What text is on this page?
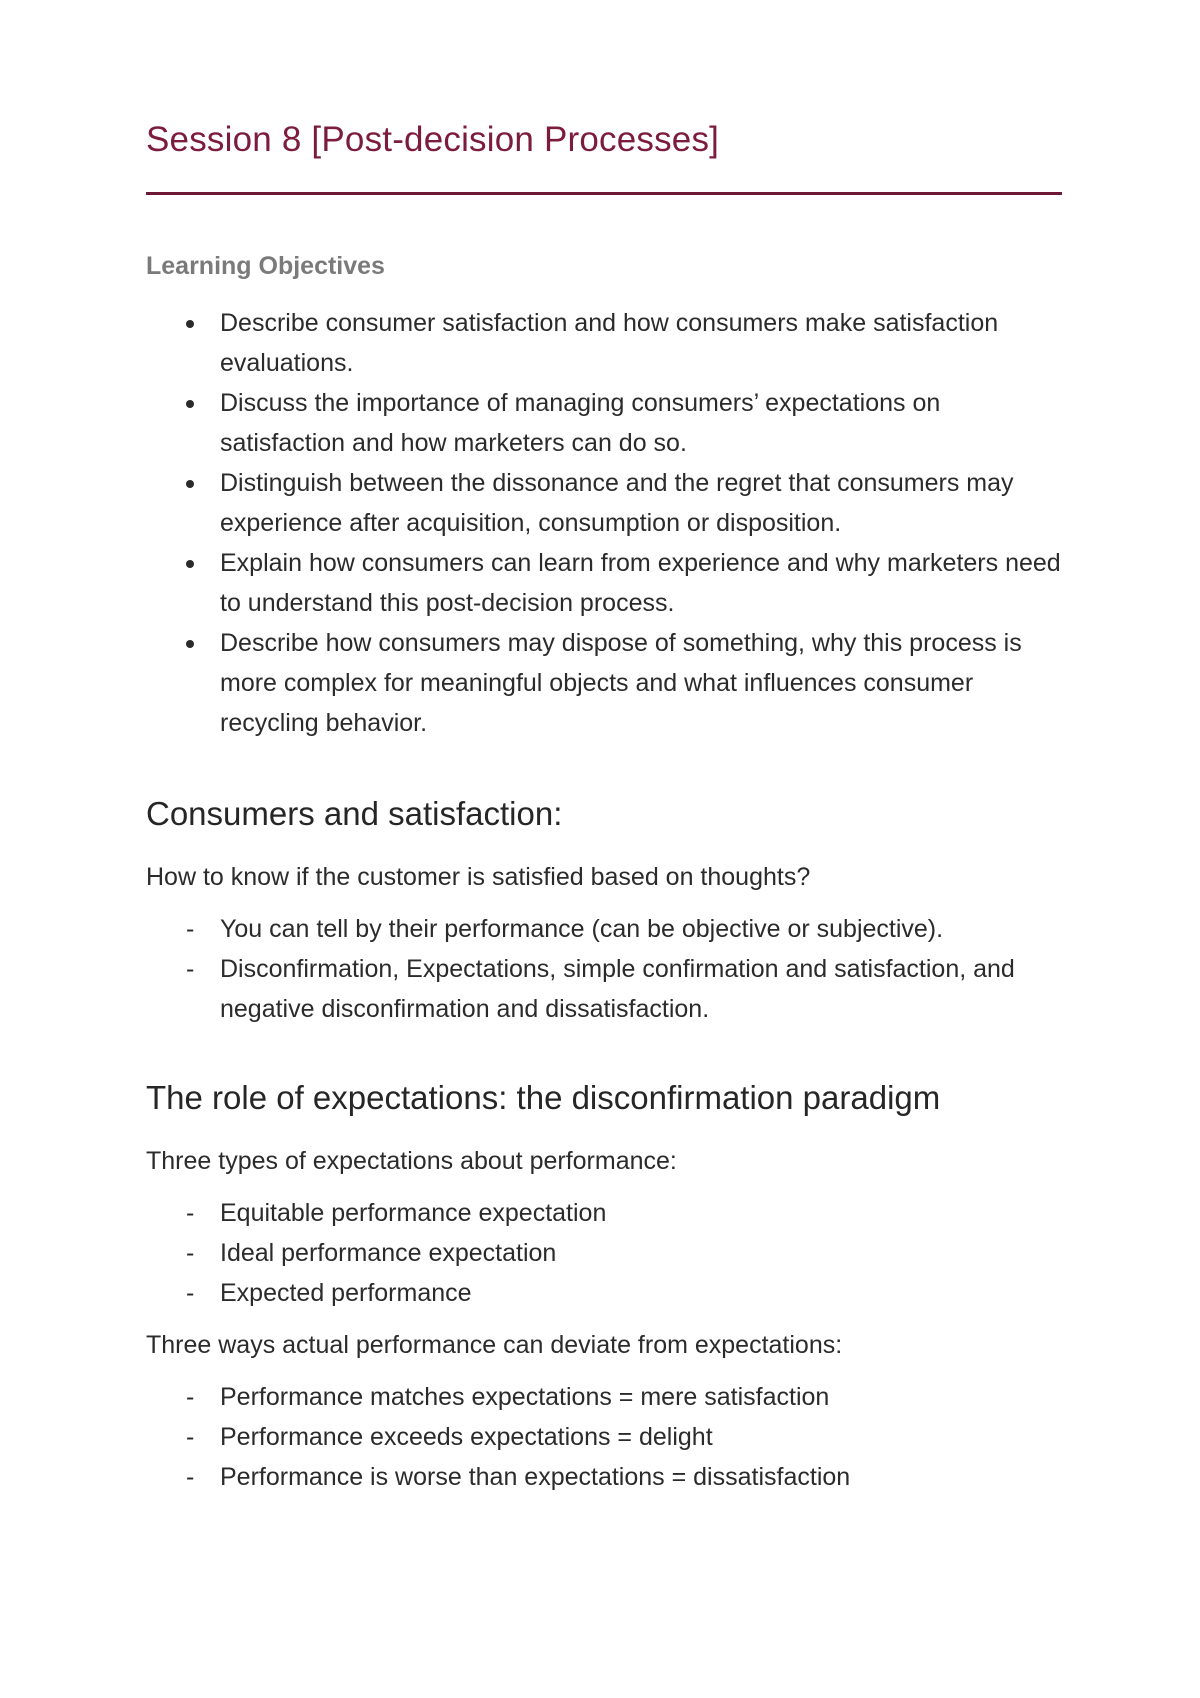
Session 8 [Post-decision Processes]
Learning Objectives
Describe consumer satisfaction and how consumers make satisfaction evaluations.
Discuss the importance of managing consumers’ expectations on satisfaction and how marketers can do so.
Distinguish between the dissonance and the regret that consumers may experience after acquisition, consumption or disposition.
Explain how consumers can learn from experience and why marketers need to understand this post-decision process.
Describe how consumers may dispose of something, why this process is more complex for meaningful objects and what influences consumer recycling behavior.
Consumers and satisfaction:
How to know if the customer is satisfied based on thoughts?
- You can tell by their performance (can be objective or subjective).
- Disconfirmation, Expectations, simple confirmation and satisfaction, and negative disconfirmation and dissatisfaction.
The role of expectations: the disconfirmation paradigm
Three types of expectations about performance:
- Equitable performance expectation
- Ideal performance expectation
- Expected performance
Three ways actual performance can deviate from expectations:
- Performance matches expectations = mere satisfaction
- Performance exceeds expectations = delight
- Performance is worse than expectations = dissatisfaction
